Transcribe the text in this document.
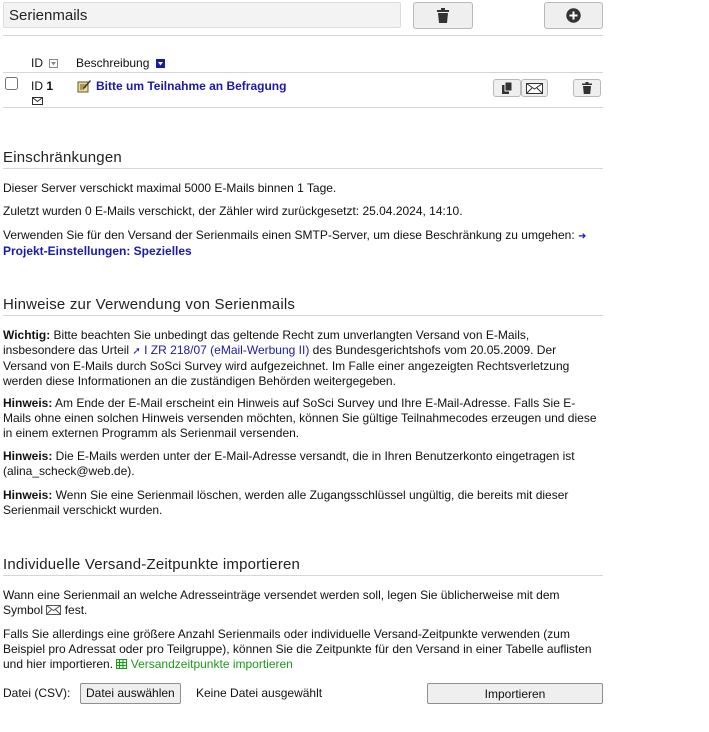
Serienmails
ID	Beschreibung
ID 1	Bitte um Teilnahme an Befragung
Einschränkungen
Dieser Server verschickt maximal 5000 E-Mails binnen 1 Tage.
Zuletzt wurden 0 E-Mails verschickt, der Zähler wird zurückgesetzt: 25.04.2024, 14:10.
Verwenden Sie für den Versand der Serienmails einen SMTP-Server, um diese Beschränkung zu umgehen: ➜ Projekt-Einstellungen: Spezielles
Hinweise zur Verwendung von Serienmails
Wichtig: Bitte beachten Sie unbedingt das geltende Recht zum unverlangten Versand von E-Mails, insbesondere das Urteil ➚ I ZR 218/07 (eMail-Werbung II) des Bundesgerichtshofs vom 20.05.2009. Der Versand von E-Mails durch SoSci Survey wird aufgezeichnet. Im Falle einer angezeigten Rechtsverletzung werden diese Informationen an die zuständigen Behörden weitergegeben.
Hinweis: Am Ende der E-Mail erscheint ein Hinweis auf SoSci Survey und Ihre E-Mail-Adresse. Falls Sie E-Mails ohne einen solchen Hinweis versenden möchten, können Sie gültige Teilnahmecodes erzeugen und diese in einem externen Programm als Serienmail versenden.
Hinweis: Die E-Mails werden unter der E-Mail-Adresse versandt, die in Ihren Benutzerkonto eingetragen ist (alina_scheck@web.de).
Hinweis: Wenn Sie eine Serienmail löschen, werden alle Zugangsschlüssel ungültig, die bereits mit dieser Serienmail verschickt wurden.
Individuelle Versand-Zeitpunkte importieren
Wann eine Serienmail an welche Adresseinträge versendet werden soll, legen Sie üblicherweise mit dem Symbol fest.
Falls Sie allerdings eine größere Anzahl Serienmails oder individuelle Versand-Zeitpunkte verwenden (zum Beispiel pro Adressat oder pro Teilgruppe), können Sie die Zeitpunkte für den Versand in einer Tabelle auflisten und hier importieren. Versandzeitpunkte importieren
Datei (CSV):	Datei auswählen	Keine Datei ausgewählt	Importieren
